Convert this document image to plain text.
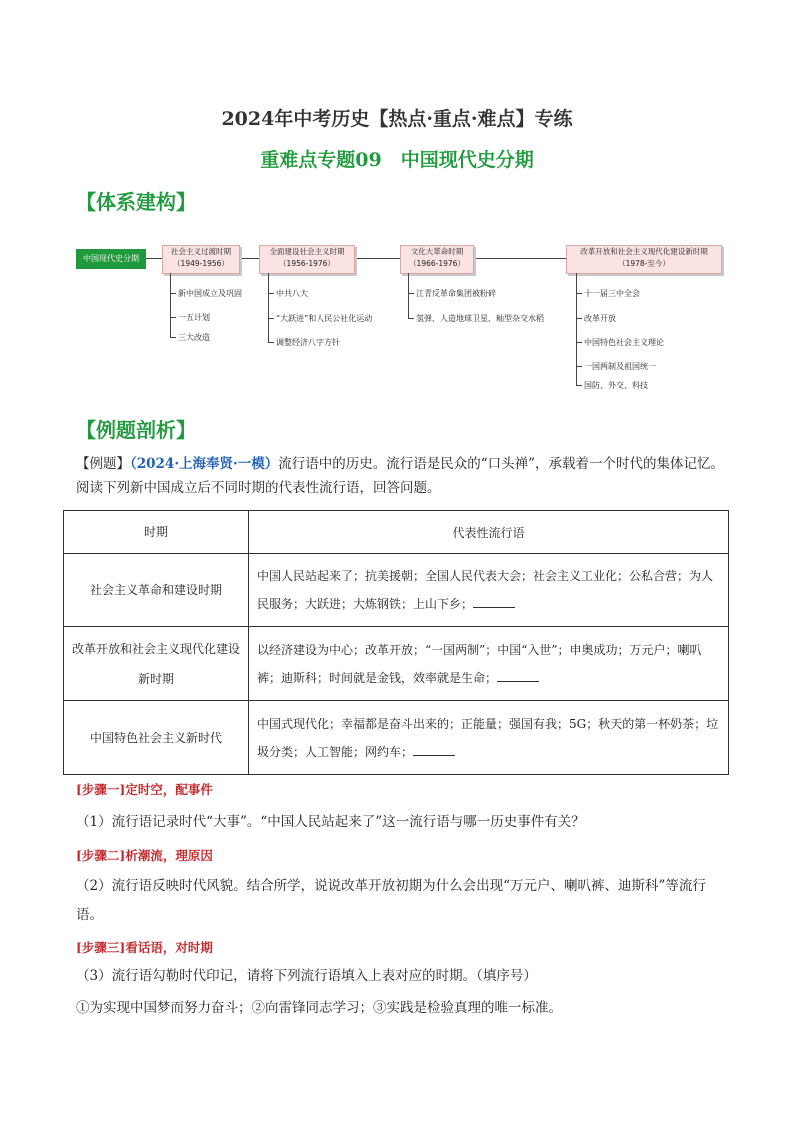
2024年中考历史【热点·重点·难点】专练
重难点专题09　中国现代史分期
【体系建构】
中国现代史分期
社会主义过渡时期
（1949-1956）
新中国成立及巩固
一五计划
三大改造
全面建设社会主义时期
（1956-1976）
中共八大
“大跃进”和人民公社化运动
调整经济八字方针
文化大革命时期
（1966-1976）
江青反革命集团被粉碎
氢弹、人造地球卫星、籼型杂交水稻
改革开放和社会主义现代化建设新时期
（1978-至今）
十一届三中全会
改革开放
中国特色社会主义理论
一国两制及祖国统一
国防、外交、科技
【例题剖析】
【例题】（2024·上海奉贤·一模）流行语中的历史。流行语是民众的“口头禅”，承载着一个时代的集体记忆。
阅读下列新中国成立后不同时期的代表性流行语，回答问题。
时期	代表性流行语
社会主义革命和建设时期	中国人民站起来了；抗美援朝；全国人民代表大会；社会主义工业化；公私合营；为人民服务；大跃进；大炼钢铁；上山下乡；
改革开放和社会主义现代化建设新时期	以经济建设为中心；改革开放；“一国两制”；中国“入世”；申奥成功；万元户；喇叭裤；迪斯科；时间就是金钱，效率就是生命；
中国特色社会主义新时代	中国式现代化；幸福都是奋斗出来的；正能量；强国有我；5G；秋天的第一杯奶茶；垃圾分类；人工智能；网约车；
[步骤一]定时空，配事件
（1）流行语记录时代“大事”。“中国人民站起来了”这一流行语与哪一历史事件有关？
[步骤二]析潮流，理原因
（2）流行语反映时代风貌。结合所学，说说改革开放初期为什么会出现“万元户、喇叭裤、迪斯科”等流行语。
[步骤三]看话语，对时期
（3）流行语勾勒时代印记，请将下列流行语填入上表对应的时期。（填序号）
①为实现中国梦而努力奋斗；②向雷锋同志学习；③实践是检验真理的唯一标准。
